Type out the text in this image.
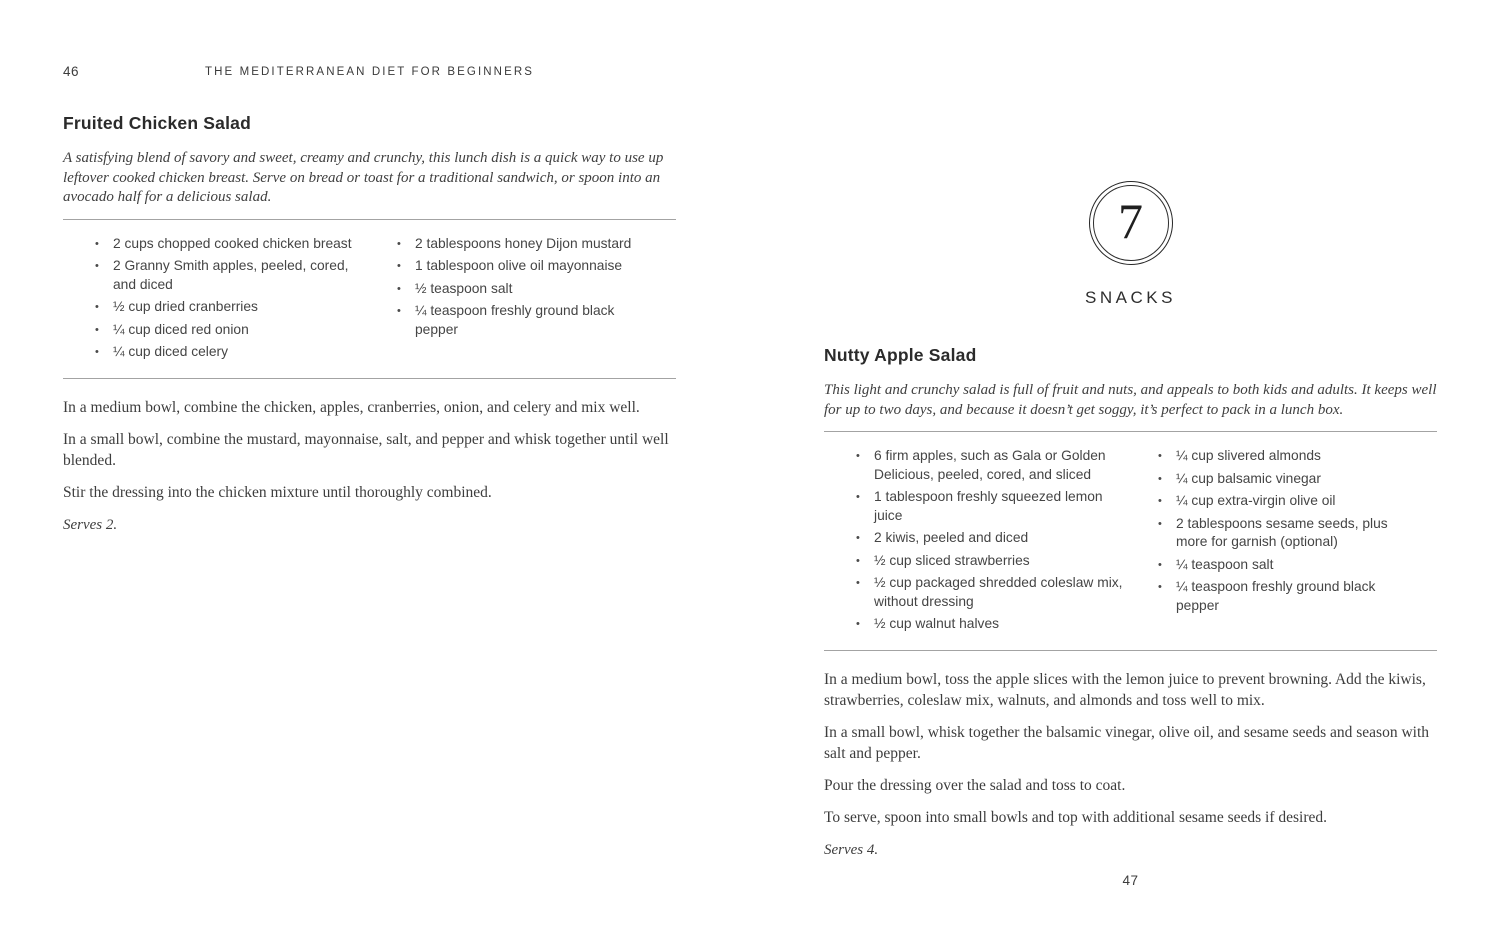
46	THE MEDITERRANEAN DIET FOR BEGINNERS
Fruited Chicken Salad

A satisfying blend of savory and sweet, creamy and crunchy, this lunch dish is a quick way to use up leftover cooked chicken breast. Serve on bread or toast for a traditional sandwich, or spoon into an avocado half for a delicious salad.

•	2 cups chopped cooked chicken breast
•	2 Granny Smith apples, peeled, cored, and diced
•	½ cup dried cranberries
•	¼ cup diced red onion
•	¼ cup diced celery
•	2 tablespoons honey Dijon mustard
•	1 tablespoon olive oil mayonnaise
•	½ teaspoon salt
•	¼ teaspoon freshly ground black pepper

In a medium bowl, combine the chicken, apples, cranberries, onion, and celery and mix well.

In a small bowl, combine the mustard, mayonnaise, salt, and pepper and whisk together until well blended.

Stir the dressing into the chicken mixture until thoroughly combined.

Serves 2.

7
SNACKS
Nutty Apple Salad

This light and crunchy salad is full of fruit and nuts, and appeals to both kids and adults. It keeps well for up to two days, and because it doesn’t get soggy, it’s perfect to pack in a lunch box.

•	6 firm apples, such as Gala or Golden Delicious, peeled, cored, and sliced
•	1 tablespoon freshly squeezed lemon juice
•	2 kiwis, peeled and diced
•	½ cup sliced strawberries
•	½ cup packaged shredded coleslaw mix, without dressing
•	½ cup walnut halves
•	¼ cup slivered almonds
•	¼ cup balsamic vinegar
•	¼ cup extra-virgin olive oil
•	2 tablespoons sesame seeds, plus more for garnish (optional)
•	¼ teaspoon salt
•	¼ teaspoon freshly ground black pepper

In a medium bowl, toss the apple slices with the lemon juice to prevent browning. Add the kiwis, strawberries, coleslaw mix, walnuts, and almonds and toss well to mix.

In a small bowl, whisk together the balsamic vinegar, olive oil, and sesame seeds and season with salt and pepper.

Pour the dressing over the salad and toss to coat.

To serve, spoon into small bowls and top with additional sesame seeds if desired.

Serves 4.

47
